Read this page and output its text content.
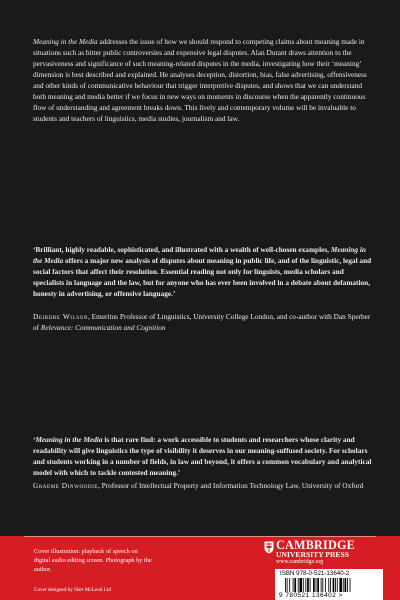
Meaning in the Media addresses the issue of how we should respond to competing claims about meaning made in situations such as bitter public controversies and expensive legal disputes. Alan Durant draws attention to the pervasiveness and significance of such meaning-related disputes in the media, investigating how their ‘meaning’ dimension is best described and explained. He analyses deception, distortion, bias, false advertising, offensiveness and other kinds of communicative behaviour that trigger interpretive disputes, and shows that we can understand both meaning and media better if we focus in new ways on moments in discourse when the apparently continuous flow of understanding and agreement breaks down. This lively and contemporary volume will be invaluable to students and teachers of linguistics, media studies, journalism and law.

‘Brilliant, highly readable, sophisticated, and illustrated with a wealth of well-chosen examples, Meaning in the Media offers a major new analysis of disputes about meaning in public life, and of the linguistic, legal and social factors that affect their resolution. Essential reading not only for linguists, media scholars and specialists in language and the law, but for anyone who has ever been involved in a debate about defamation, honesty in advertising, or offensive language.’

Deirdre Wilson, Emeritus Professor of Linguistics, University College London, and co-author with Dan Sperber of Relevance: Communication and Cognition

‘Meaning in the Media is that rare find: a work accessible to students and researchers whose clarity and readability will give linguistics the type of visibility it deserves in our meaning-suffused society. For scholars and students working in a number of fields, in law and beyond, it offers a common vocabulary and analytical model with which to tackle contested meaning.’

Graeme Dinwoodie, Professor of Intellectual Property and Information Technology Law, University of Oxford

Cover illustration: playback of speech on digital audio editing screen. Photograph by the author.

Cover designed by Hart McLeod Ltd

CAMBRIDGE
UNIVERSITY PRESS
www.cambridge.org
ISBN 978-0-521-13640-2
9 780521 136402 >
